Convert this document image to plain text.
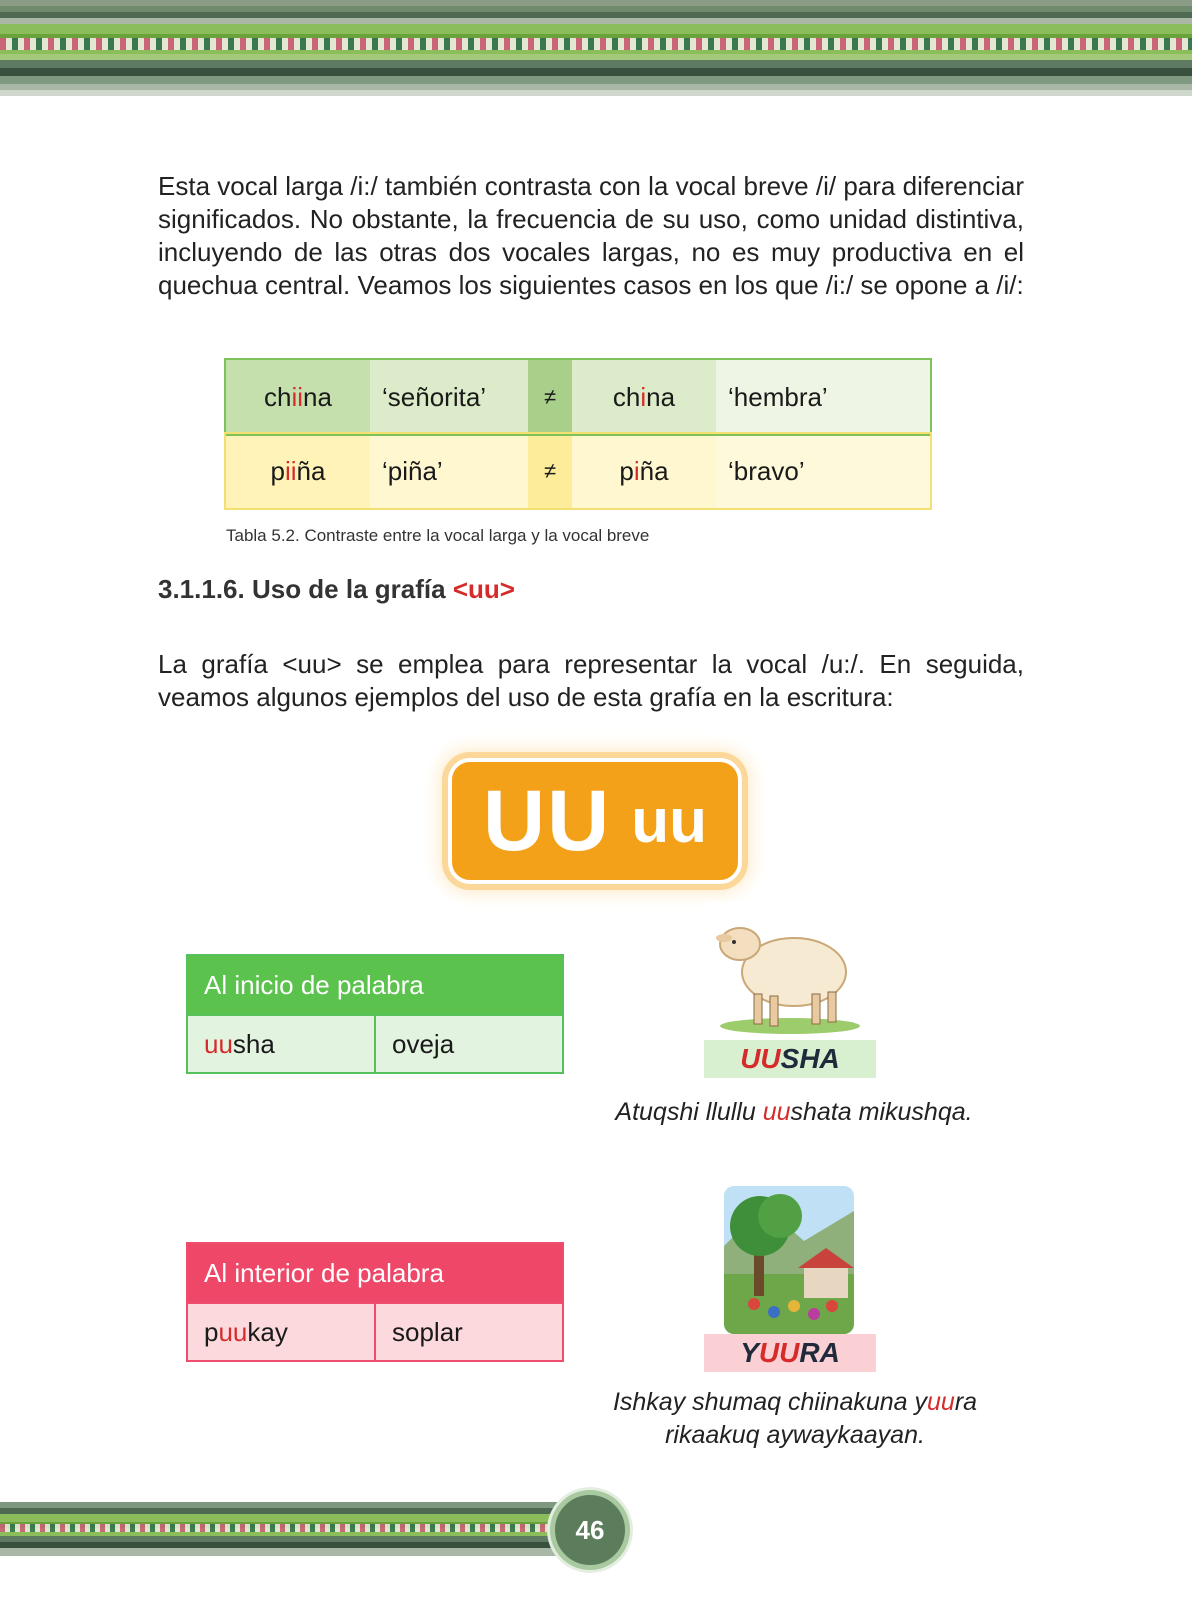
Esta vocal larga /i:/ también contrasta con la vocal breve /i/ para diferenciar significados. No obstante, la frecuencia de su uso, como unidad distintiva, incluyendo de las otras dos vocales largas, no es muy productiva en el quechua central. Veamos los siguientes casos en los que /i:/ se opone a /i/:

chiina	‘señorita’	≠	china	‘hembra’
piiña	‘piña’	≠	piña	‘bravo’
Tabla 5.2. Contraste entre la vocal larga y la vocal breve
3.1.1.6. Uso de la grafía <uu>

La grafía <uu> se emplea para representar la vocal /u:/. En seguida, veamos algunos ejemplos del uso de esta grafía en la escritura:

UU uu
Al inicio de palabra
uusha	oveja
Al interior de palabra
puukay	soplar
UUSHA
Atuqshi llullu uushata mikushqa.
YUURA
Ishkay shumaq chiinakuna yuura rikaakuq aywaykaayan.
46
